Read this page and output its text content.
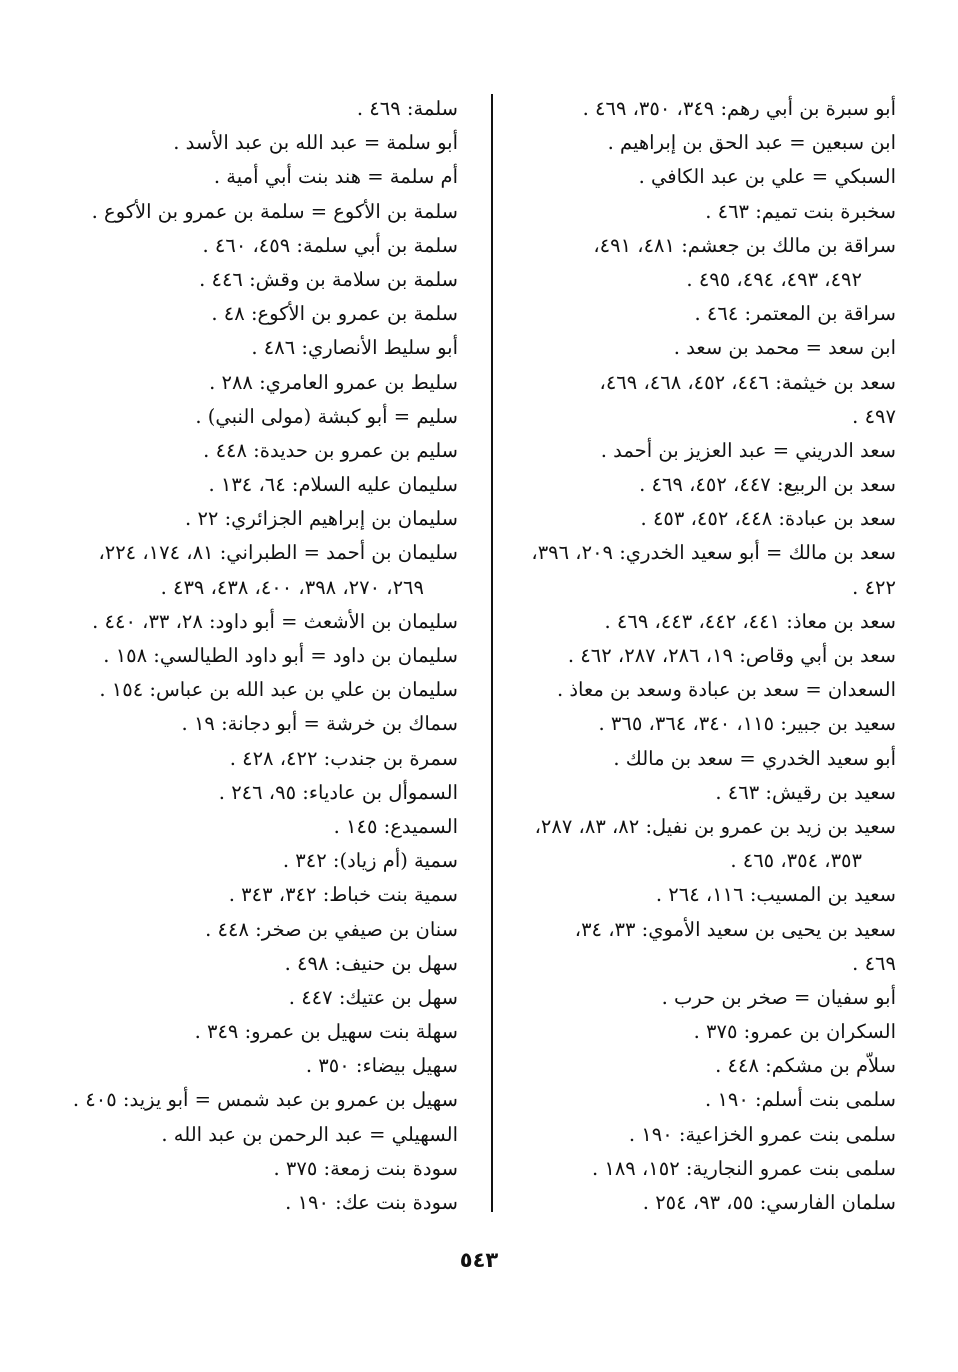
أبو سبرة بن أبي رهم: ٣٤٩، ٣٥٠، ٤٦٩ .
ابن سبعين = عبد الحق بن إبراهيم .
السبكي = علي بن عبد الكافي .
سخبرة بنت تميم: ٤٦٣ .
سراقة بن مالك بن جعشم: ٤٨١، ٤٩١،
٤٩٢، ٤٩٣، ٤٩٤، ٤٩٥ .
سراقة بن المعتمر: ٤٦٤ .
ابن سعد = محمد بن سعد .
سعد بن خيثمة: ٤٤٦، ٤٥٢، ٤٦٨، ٤٦٩،
٤٩٧ .
سعد الدريني = عبد العزيز بن أحمد .
سعد بن الربيع: ٤٤٧، ٤٥٢، ٤٦٩ .
سعد بن عبادة: ٤٤٨، ٤٥٢، ٤٥٣ .
سعد بن مالك = أبو سعيد الخدري: ٢٠٩، ٣٩٦،
٤٢٢ .
سعد بن معاذ: ٤٤١، ٤٤٢، ٤٤٣، ٤٦٩ .
سعد بن أبي وقاص: ١٩، ٢٨٦، ٢٨٧، ٤٦٢ .
السعدان = سعد بن عبادة وسعد بن معاذ .
سعيد بن جبير: ١١٥، ٣٤٠، ٣٦٤، ٣٦٥ .
أبو سعيد الخدري = سعد بن مالك .
سعيد بن رقيش: ٤٦٣ .
سعيد بن زيد بن عمرو بن نفيل: ٨٢، ٨٣، ٢٨٧،
٣٥٣، ٣٥٤، ٤٦٥ .
سعيد بن المسيب: ١١٦، ٢٦٤ .
سعيد بن يحيى بن سعيد الأموي: ٣٣، ٣٤،
٤٦٩ .
أبو سفيان = صخر بن حرب .
السكران بن عمرو: ٣٧٥ .
سلاّم بن مشكم: ٤٤٨ .
سلمى بنت أسلم: ١٩٠ .
سلمى بنت عمرو الخزاعية: ١٩٠ .
سلمى بنت عمرو النجارية: ١٥٢، ١٨٩ .
سلمان الفارسي: ٥٥، ٩٣، ٢٥٤ .
سلمة: ٤٦٩ .
أبو سلمة = عبد الله بن عبد الأسد .
أم سلمة = هند بنت أبي أمية .
سلمة بن الأكوع = سلمة بن عمرو بن الأكوع .
سلمة بن أبي سلمة: ٤٥٩، ٤٦٠ .
سلمة بن سلامة بن وقش: ٤٤٦ .
سلمة بن عمرو بن الأكوع: ٤٨ .
أبو سليط الأنصاري: ٤٨٦ .
سليط بن عمرو العامري: ٢٨٨ .
سليم = أبو كبشة (مولى النبي) .
سليم بن عمرو بن حديدة: ٤٤٨ .
سليمان عليه السلام: ٦٤، ١٣٤ .
سليمان بن إبراهيم الجزائري: ٢٢ .
سليمان بن أحمد = الطبراني: ٨١، ١٧٤، ٢٢٤،
٢٦٩، ٢٧٠، ٣٩٨، ٤٠٠، ٤٣٨، ٤٣٩ .
سليمان بن الأشعث = أبو داود: ٢٨، ٣٣، ٤٤٠ .
سليمان بن داود = أبو داود الطيالسي: ١٥٨ .
سليمان بن علي بن عبد الله بن عباس: ١٥٤ .
سماك بن خرشة = أبو دجانة: ١٩ .
سمرة بن جندب: ٤٢٢، ٤٢٨ .
السموأل بن عادياء: ٩٥، ٢٤٦ .
السميدع: ١٤٥ .
سمية (أم زياد): ٣٤٢ .
سمية بنت خباط: ٣٤٢، ٣٤٣ .
سنان بن صيفي بن صخر: ٤٤٨ .
سهل بن حنيف: ٤٩٨ .
سهل بن عتيك: ٤٤٧ .
سهلة بنت سهيل بن عمرو: ٣٤٩ .
سهيل بيضاء: ٣٥٠ .
سهيل بن عمرو بن عبد شمس = أبو يزيد: ٤٠٥ .
السهيلي = عبد الرحمن بن عبد الله .
سودة بنت زمعة: ٣٧٥ .
سودة بنت عك: ١٩٠ .
٥٤٣
